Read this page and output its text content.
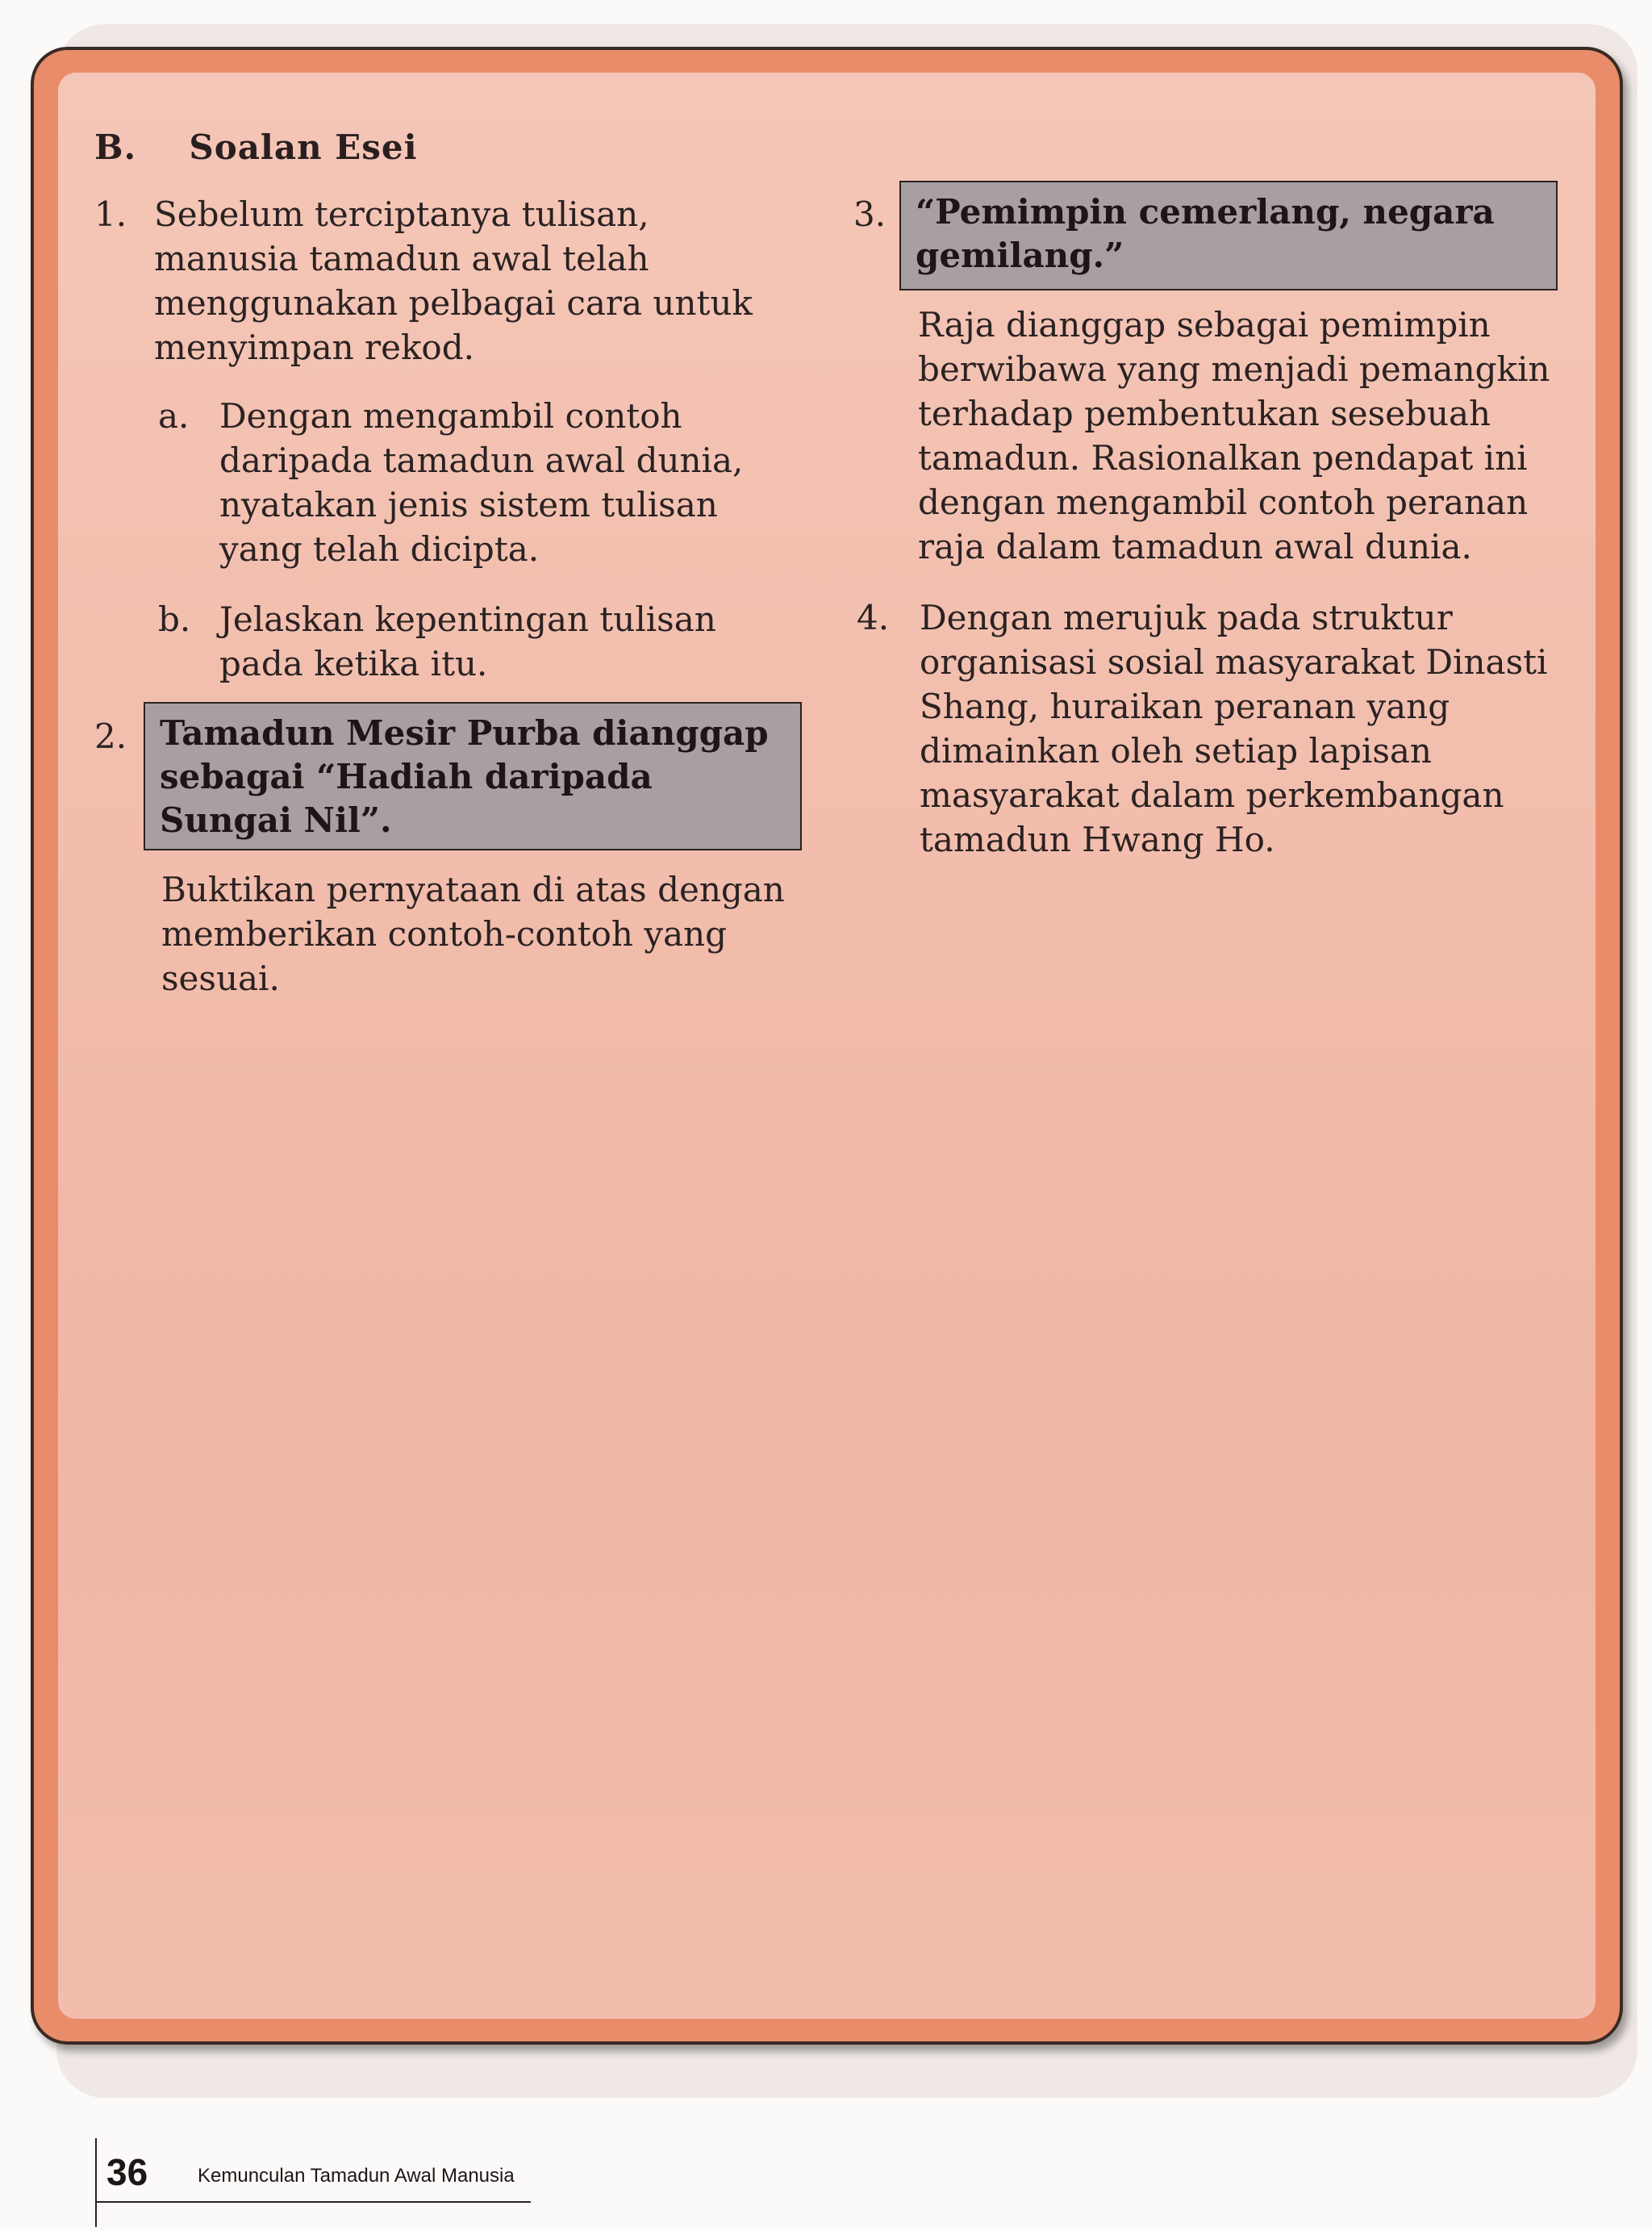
B. Soalan Esei
1. Sebelum terciptanya tulisan, manusia tamadun awal telah menggunakan pelbagai cara untuk menyimpan rekod.
a. Dengan mengambil contoh daripada tamadun awal dunia, nyatakan jenis sistem tulisan yang telah dicipta.
b. Jelaskan kepentingan tulisan pada ketika itu.
2. Tamadun Mesir Purba dianggap sebagai “Hadiah daripada Sungai Nil”.
Buktikan pernyataan di atas dengan memberikan contoh-contoh yang sesuai.
3. “Pemimpin cemerlang, negara gemilang.”
Raja dianggap sebagai pemimpin berwibawa yang menjadi pemangkin terhadap pembentukan sesebuah tamadun. Rasionalkan pendapat ini dengan mengambil contoh peranan raja dalam tamadun awal dunia.
4. Dengan merujuk pada struktur organisasi sosial masyarakat Dinasti Shang, huraikan peranan yang dimainkan oleh setiap lapisan masyarakat dalam perkembangan tamadun Hwang Ho.
36	Kemunculan Tamadun Awal Manusia
